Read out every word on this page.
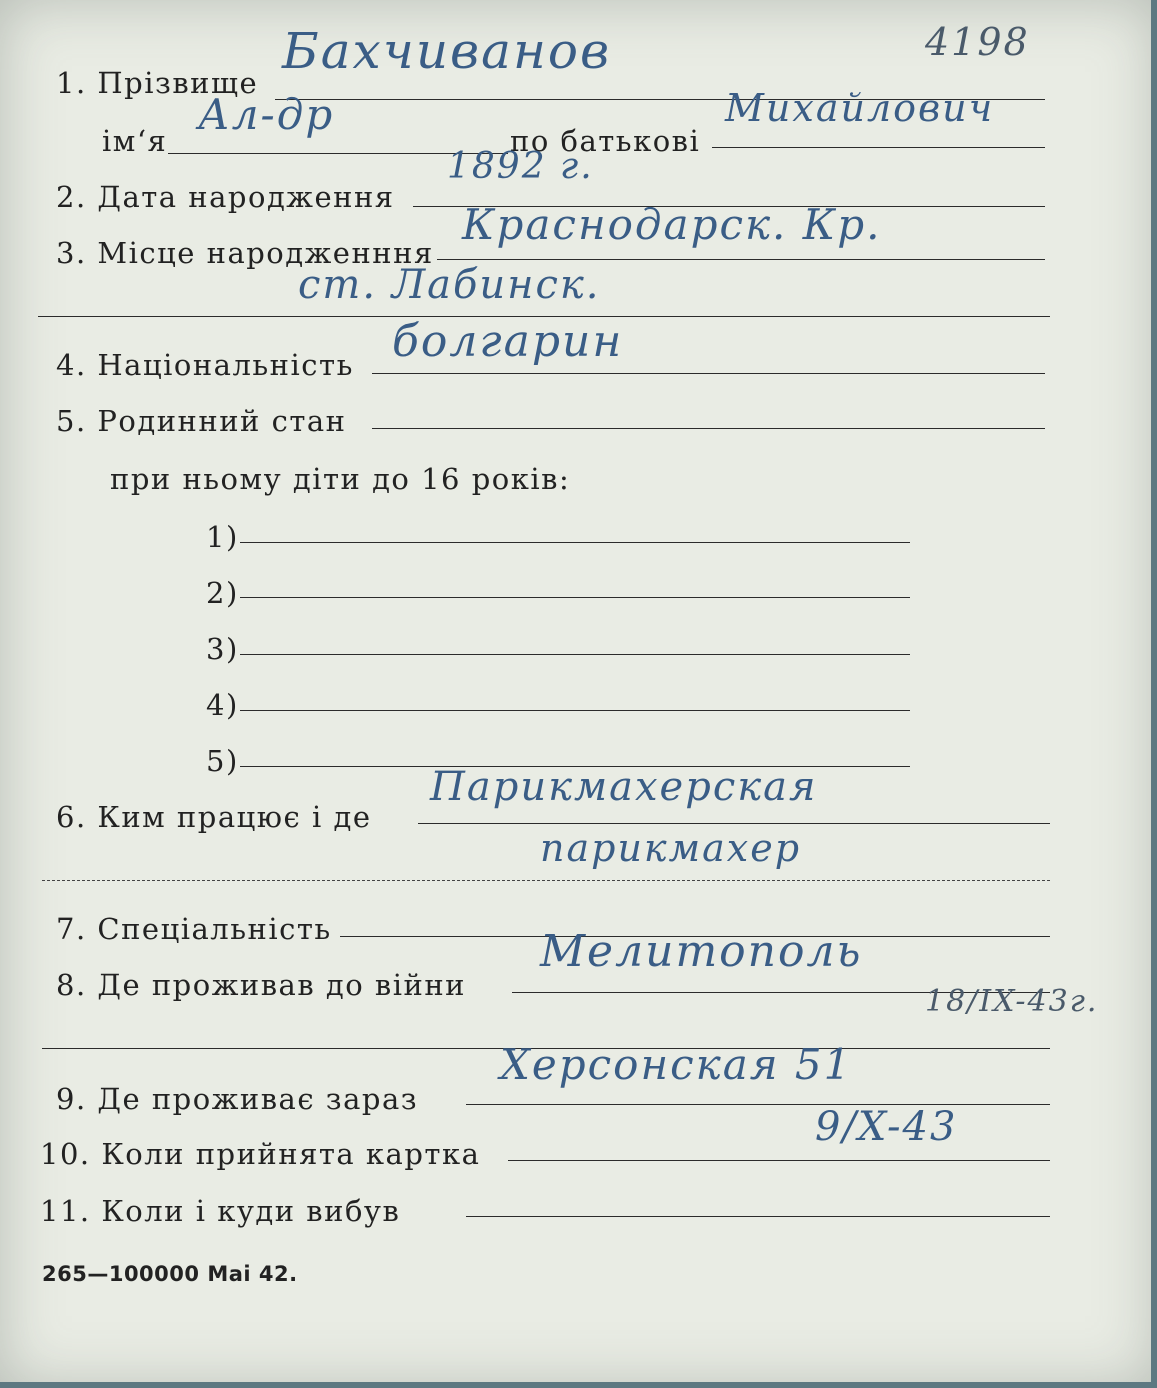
1. Прізвище
Бахчиванов	4198
ім‘я
Ал-др
по батькові
Михайлович
2. Дата народження
1892 г.
3. Місце народженння
Краснодарск. Кр.
ст. Лабинск.
4. Національність болгарин
5. Родинний стан
при ньому діти до 16 років:
1)
2)
3)
4)
5)
6. Ким працює і де
Парикмахерская
парикмахер
7. Спеціальність
8. Де проживав до війни
Мелитополь
18/IX-43г.
9. Де проживає зараз
Херсонская 51
10. Коли прийнята картка
9/X-43
11. Коли і куди вибув
265—100000 Mai 42.
